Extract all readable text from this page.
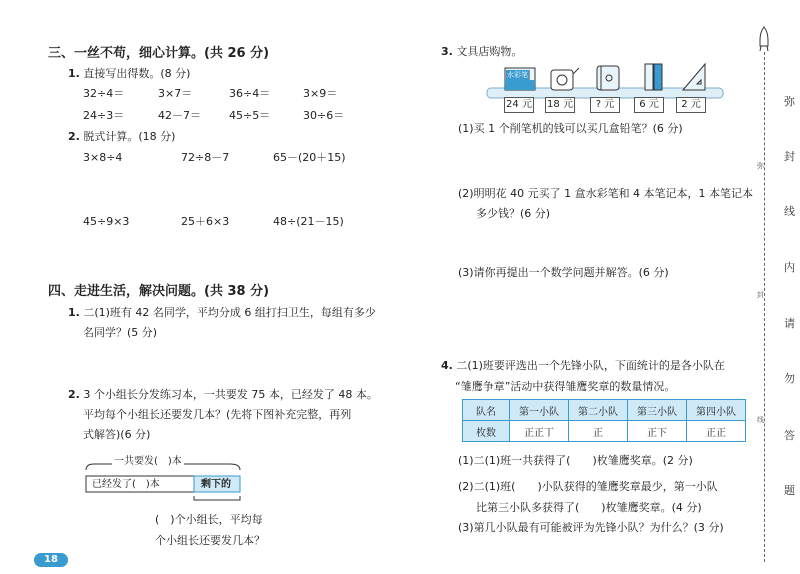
三、一丝不苟，细心计算。(共 26 分)
1. 直接写出得数。(8 分)
32÷4＝	3×7＝	36÷4＝	3×9＝
24÷3＝	42－7＝	45÷5＝	30÷6＝
2. 脱式计算。(18 分)
3×8÷4	72÷8－7	65－(20＋15)
45÷9×3	25＋6×3	48÷(21－15)
四、走进生活，解决问题。(共 38 分)
1. 二(1)班有 42 名同学，平均分成 6 组打扫卫生，每组有多少
名同学？(5 分)
2. 3 个小组长分发练习本，一共要发 75 本，已经发了 48 本。
平均每个小组长还要发几本？(先将下图补充完整，再列
式解答)(6 分)
一共要发(　)本
已经发了(　)本	剩下的
(　)个小组长，平均每
个小组长还要发几本？
18
3. 文具店购物。
水彩笔
24 元 18 元	? 元	6 元	2 元
(1)买 1 个削笔机的钱可以买几盒铅笔？(6 分)
(2)明明花 40 元买了 1 盒水彩笔和 4 本笔记本，1 本笔记本
多少钱？(6 分)
(3)请你再提出一个数学问题并解答。(6 分)
4. 二(1)班要评选出一个先锋小队，下面统计的是各小队在
“雏鹰争章”活动中获得雏鹰奖章的数量情况。
队名	第一小队	第二小队	第三小队	第四小队
枚数	正正丅	正	正下	正正
(1)二(1)班一共获得了(　　)枚雏鹰奖章。(2 分)
(2)二(1)班(　　)小队获得的雏鹰奖章最少，第一小队
比第三小队多获得了(　　)枚雏鹰奖章。(4 分)
(3)第几小队最有可能被评为先锋小队？为什么？(3 分)
弥
封
线
弥
封
线
内
请
勿
答
题
